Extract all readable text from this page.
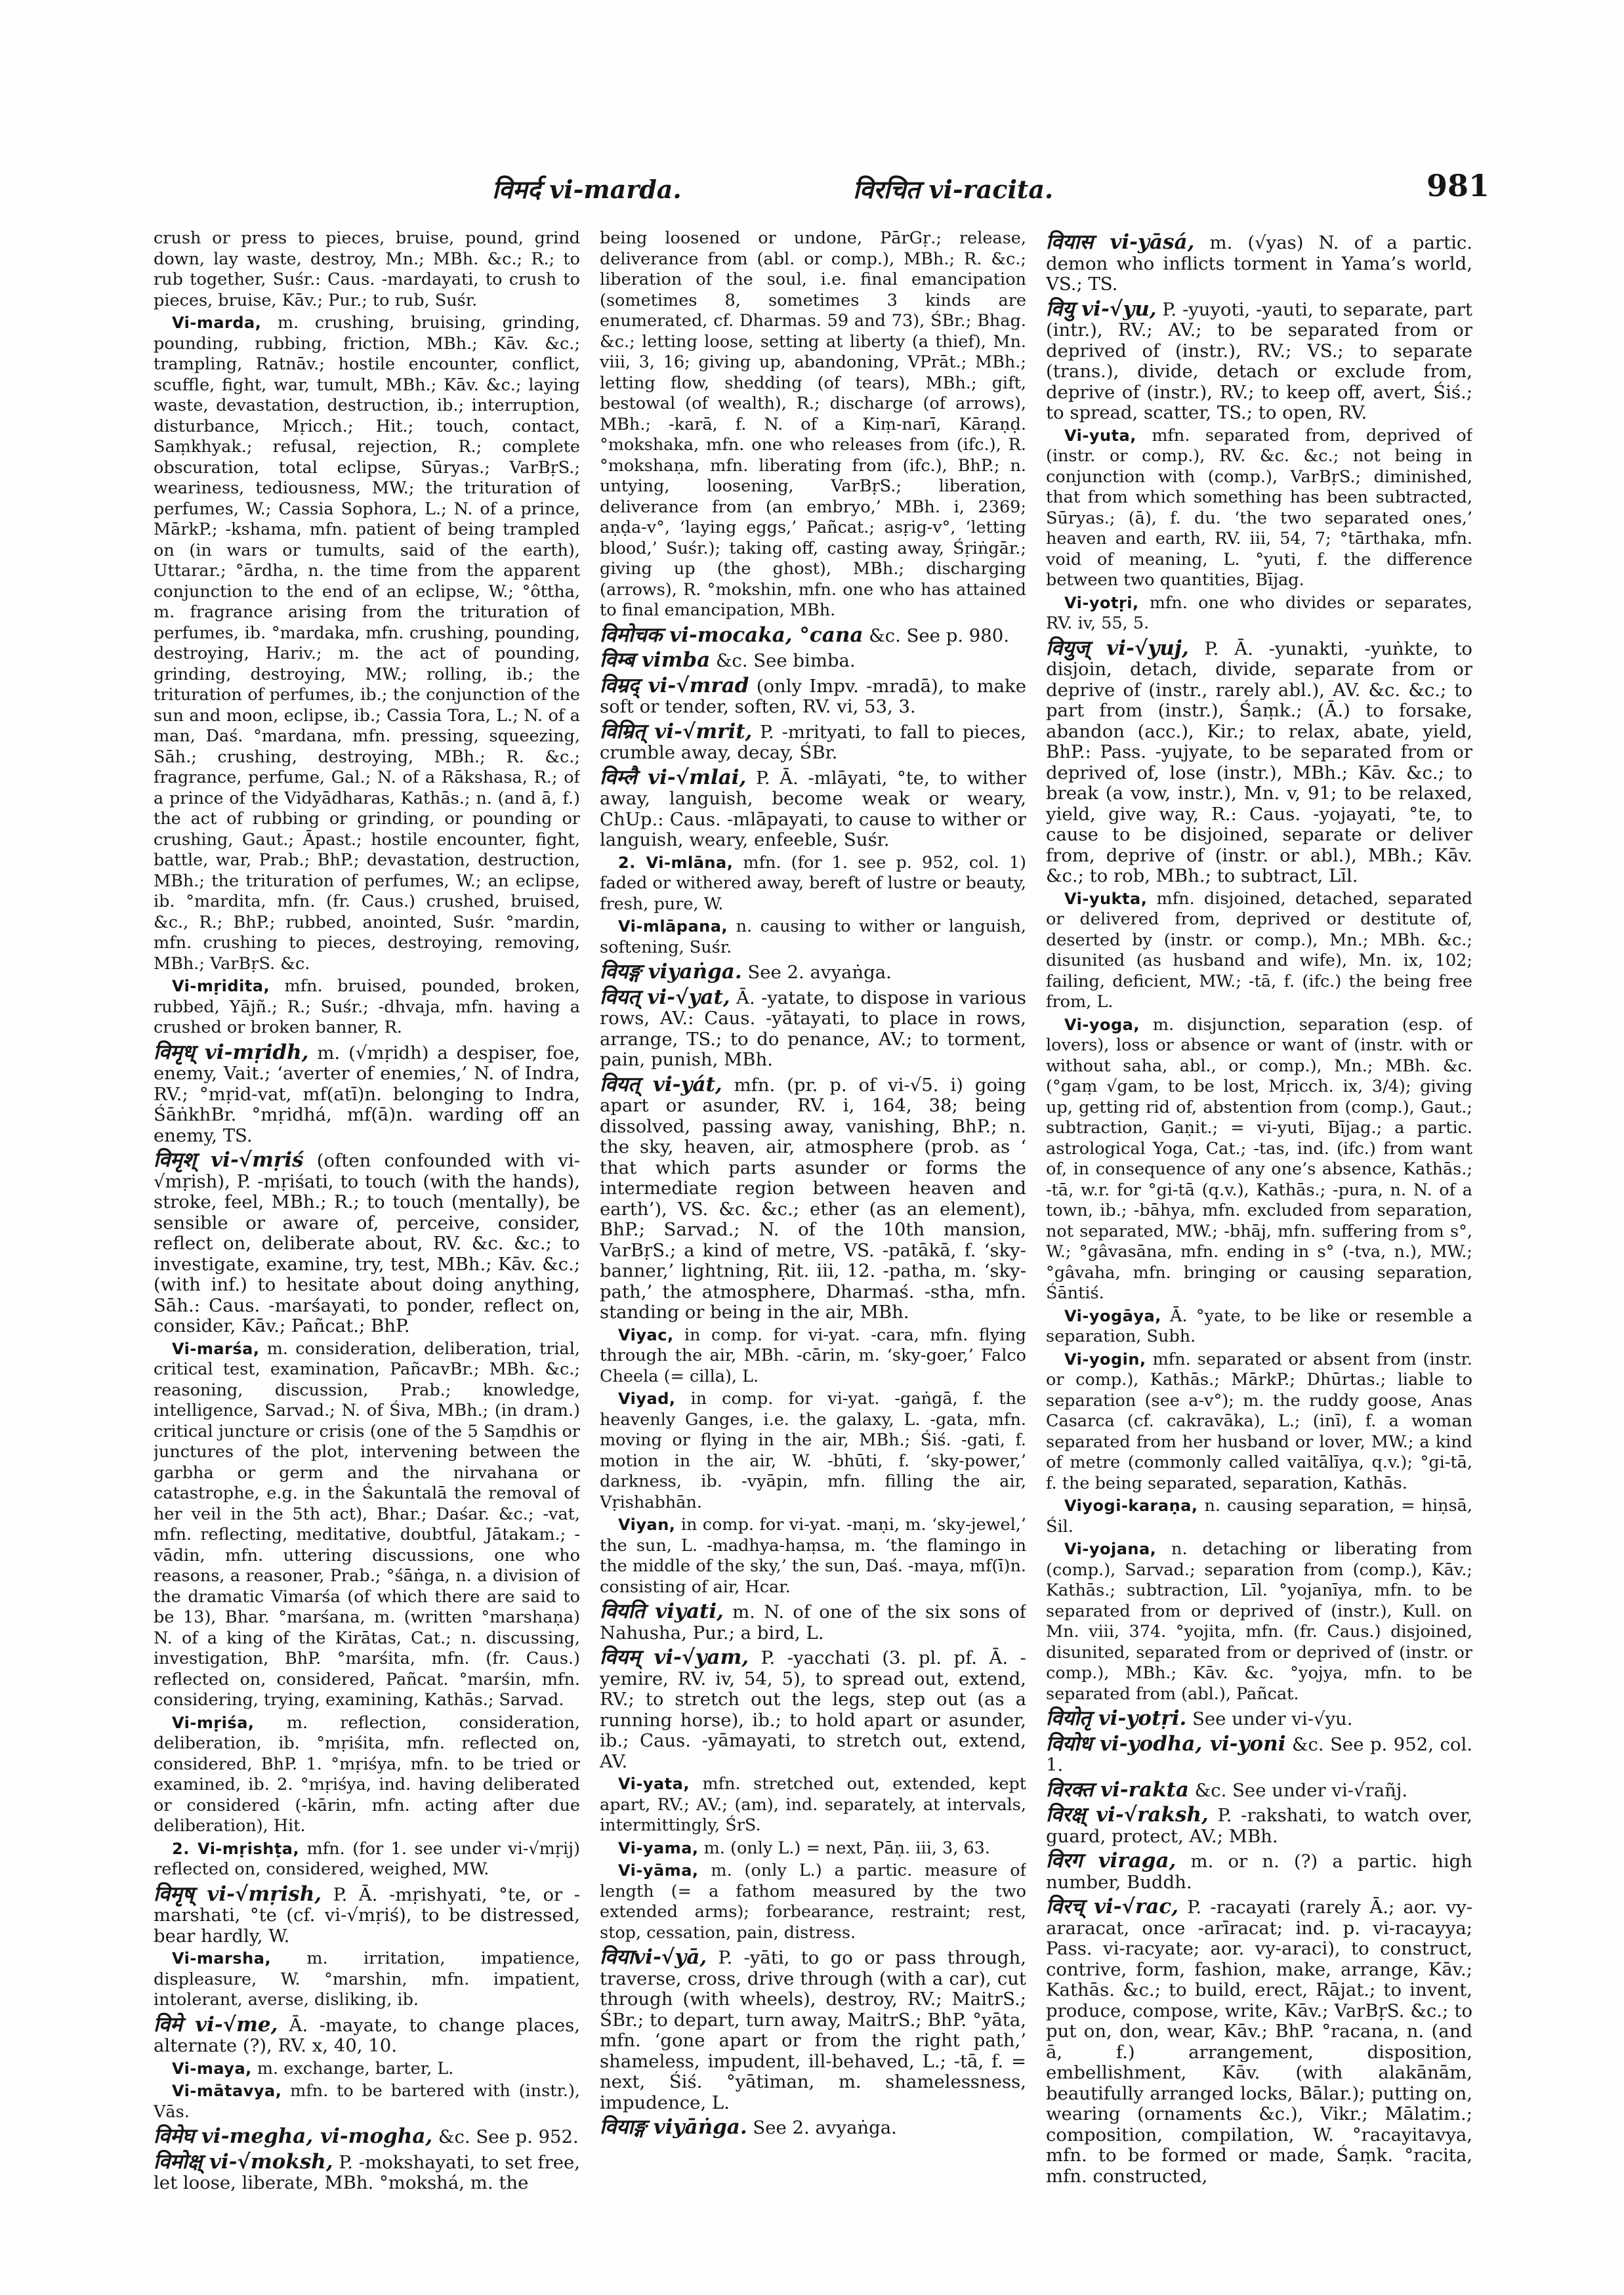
विमर्द vi-marda.	विरचित vi-racita.	981

crush or press to pieces, bruise, pound, grind down, lay waste, destroy, Mn.; MBh. &c.; R.; to rub together, Suśr.: Caus. -mardayati, to crush to pieces, bruise, Kāv.; Pur.; to rub, Suśr.

Vi-marda, m. crushing, bruising, grinding, pounding, rubbing, friction, MBh.; Kāv. &c.; trampling, Ratnāv.; hostile encounter, conflict, scuffle, fight, war, tumult, MBh.; Kāv. &c.; laying waste, devastation, destruction, ib.; interruption, disturbance, Mṛicch.; Hit.; touch, contact, Saṃkhyak.; refusal, rejection, R.; complete obscuration, total eclipse, Sūryas.; VarBṛS.; weariness, tediousness, MW.; the trituration of perfumes, W.; Cassia Sophora, L.; N. of a prince, MārkP.; -kshama, mfn. patient of being trampled on (in wars or tumults, said of the earth), Uttarar.; °ārdha, n. the time from the apparent conjunction to the end of an eclipse, W.; °ôttha, m. fragrance arising from the trituration of perfumes, ib. °mardaka, mfn. crushing, pounding, destroying, Hariv.; m. the act of pounding, grinding, destroying, MW.; rolling, ib.; the trituration of perfumes, ib.; the conjunction of the sun and moon, eclipse, ib.; Cassia Tora, L.; N. of a man, Daś. °mardana, mfn. pressing, squeezing, Sāh.; crushing, destroying, MBh.; R. &c.; fragrance, perfume, Gal.; N. of a Rākshasa, R.; of a prince of the Vidyādharas, Kathās.; n. (and ā, f.) the act of rubbing or grinding, or pounding or crushing, Gaut.; Āpast.; hostile encounter, fight, battle, war, Prab.; BhP.; devastation, destruction, MBh.; the trituration of perfumes, W.; an eclipse, ib. °mardita, mfn. (fr. Caus.) crushed, bruised, &c., R.; BhP.; rubbed, anointed, Suśr. °mardin, mfn. crushing to pieces, destroying, removing, MBh.; VarBṛS. &c.

Vi-mṛidita, mfn. bruised, pounded, broken, rubbed, Yājñ.; R.; Suśr.; -dhvaja, mfn. having a crushed or broken banner, R.

विमृध् vi-mṛidh, m. (√mṛidh) a despiser, foe, enemy, Vait.; ‘averter of enemies,’ N. of Indra, RV.; °mṛid-vat, mf(atī)n. belonging to Indra, ŚāṅkhBr. °mṛidhá, mf(ā)n. warding off an enemy, TS.

विमृश् vi-√mṛiś (often confounded with vi-√mṛish), P. -mṛiśati, to touch (with the hands), stroke, feel, MBh.; R.; to touch (mentally), be sensible or aware of, perceive, consider, reflect on, deliberate about, RV. &c. &c.; to investigate, examine, try, test, MBh.; Kāv. &c.; (with inf.) to hesitate about doing anything, Sāh.: Caus. -marśayati, to ponder, reflect on, consider, Kāv.; Pañcat.; BhP.

Vi-marśa, m. consideration, deliberation, trial, critical test, examination, PañcavBr.; MBh. &c.; reasoning, discussion, Prab.; knowledge, intelligence, Sarvad.; N. of Śiva, MBh.; (in dram.) critical juncture or crisis (one of the 5 Saṃdhis or junctures of the plot, intervening between the garbha or germ and the nirvahana or catastrophe, e.g. in the Śakuntalā the removal of her veil in the 5th act), Bhar.; Daśar. &c.; -vat, mfn. reflecting, meditative, doubtful, Jātakam.; -vādin, mfn. uttering discussions, one who reasons, a reasoner, Prab.; °śāṅga, n. a division of the dramatic Vimarśa (of which there are said to be 13), Bhar. °marśana, m. (written °marshaṇa) N. of a king of the Kirātas, Cat.; n. discussing, investigation, BhP. °marśita, mfn. (fr. Caus.) reflected on, considered, Pañcat. °marśin, mfn. considering, trying, examining, Kathās.; Sarvad.

Vi-mṛiśa, m. reflection, consideration, deliberation, ib. °mṛiśita, mfn. reflected on, considered, BhP. 1. °mṛiśya, mfn. to be tried or examined, ib. 2. °mṛiśya, ind. having deliberated or considered (-kārin, mfn. acting after due deliberation), Hit.

2. Vi-mṛishṭa, mfn. (for 1. see under vi-√mṛij) reflected on, considered, weighed, MW.

विमृष् vi-√mṛish, P. Ā. -mṛishyati, °te, or -marshati, °te (cf. vi-√mṛiś), to be distressed, bear hardly, W.

Vi-marsha, m. irritation, impatience, displeasure, W. °marshin, mfn. impatient, intolerant, averse, disliking, ib.

विमे vi-√me, Ā. -mayate, to change places, alternate (?), RV. x, 40, 10.

Vi-maya, m. exchange, barter, L.

Vi-mātavya, mfn. to be bartered with (instr.), Vās.

विमेघ vi-megha, vi-mogha, &c. See p. 952.

विमोक्ष् vi-√moksh, P. -mokshayati, to set free, let loose, liberate, MBh. °mokshá, m. the

being loosened or undone, PārGṛ.; release, deliverance from (abl. or comp.), MBh.; R. &c.; liberation of the soul, i.e. final emancipation (sometimes 8, sometimes 3 kinds are enumerated, cf. Dharmas. 59 and 73), ŚBr.; Bhag. &c.; letting loose, setting at liberty (a thief), Mn. viii, 3, 16; giving up, abandoning, VPrāt.; MBh.; letting flow, shedding (of tears), MBh.; gift, bestowal (of wealth), R.; discharge (of arrows), MBh.; -karā, f. N. of a Kiṃ-narī, Kāraṇḍ. °mokshaka, mfn. one who releases from (ifc.), R. °mokshaṇa, mfn. liberating from (ifc.), BhP.; n. untying, loosening, VarBṛS.; liberation, deliverance from (an embryo,’ MBh. i, 2369; aṇḍa-v°, ‘laying eggs,’ Pañcat.; asṛig-v°, ‘letting blood,’ Suśr.); taking off, casting away, Śṛiṅgār.; giving up (the ghost), MBh.; discharging (arrows), R. °mokshin, mfn. one who has attained to final emancipation, MBh.

विमोचक vi-mocaka, °cana &c. See p. 980.

विम्ब vimba &c. See bimba.

विम्रद् vi-√mrad (only Impv. -mradā), to make soft or tender, soften, RV. vi, 53, 3.

विम्रित् vi-√mrit, P. -mrityati, to fall to pieces, crumble away, decay, ŚBr.

विम्लै vi-√mlai, P. Ā. -mlāyati, °te, to wither away, languish, become weak or weary, ChUp.: Caus. -mlāpayati, to cause to wither or languish, weary, enfeeble, Suśr.

2. Vi-mlāna, mfn. (for 1. see p. 952, col. 1) faded or withered away, bereft of lustre or beauty, fresh, pure, W.

Vi-mlāpana, n. causing to wither or languish, softening, Suśr.

वियङ्ग viyaṅga. See 2. avyaṅga.

वियत् vi-√yat, Ā. -yatate, to dispose in various rows, AV.: Caus. -yātayati, to place in rows, arrange, TS.; to do penance, AV.; to torment, pain, punish, MBh.

वियत् vi-yát, mfn. (pr. p. of vi-√5. i) going apart or asunder, RV. i, 164, 38; being dissolved, passing away, vanishing, BhP.; n. the sky, heaven, air, atmosphere (prob. as ‘ that which parts asunder or forms the intermediate region between heaven and earth’), VS. &c. &c.; ether (as an element), BhP.; Sarvad.; N. of the 10th mansion, VarBṛS.; a kind of metre, VS. -patākā, f. ‘sky-banner,’ lightning, Ṛit. iii, 12. -patha, m. ‘sky-path,’ the atmosphere, Dharmaś. -stha, mfn. standing or being in the air, MBh.

Viyac, in comp. for vi-yat. -cara, mfn. flying through the air, MBh. -cārin, m. ‘sky-goer,’ Falco Cheela (= cilla), L.

Viyad, in comp. for vi-yat. -gaṅgā, f. the heavenly Ganges, i.e. the galaxy, L. -gata, mfn. moving or flying in the air, MBh.; Śiś. -gati, f. motion in the air, W. -bhūti, f. ‘sky-power,’ darkness, ib. -vyāpin, mfn. filling the air, Vṛishabhān.

Viyan, in comp. for vi-yat. -maṇi, m. ‘sky-jewel,’ the sun, L. -madhya-haṃsa, m. ‘the flamingo in the middle of the sky,’ the sun, Daś. -maya, mf(ī)n. consisting of air, Hcar.

वियति viyati, m. N. of one of the six sons of Nahusha, Pur.; a bird, L.

वियम् vi-√yam, P. -yacchati (3. pl. pf. Ā. -yemire, RV. iv, 54, 5), to spread out, extend, RV.; to stretch out the legs, step out (as a running horse), ib.; to hold apart or asunder, ib.; Caus. -yāmayati, to stretch out, extend, AV.

Vi-yata, mfn. stretched out, extended, kept apart, RV.; AV.; (am), ind. separately, at intervals, intermittingly, ŚrS.

Vi-yama, m. (only L.) = next, Pāṇ. iii, 3, 63.

Vi-yāma, m. (only L.) a partic. measure of length (= a fathom measured by the two extended arms); forbearance, restraint; rest, stop, cessation, pain, distress.

वियाvi-√yā, P. -yāti, to go or pass through, traverse, cross, drive through (with a car), cut through (with wheels), destroy, RV.; MaitrS.; ŚBr.; to depart, turn away, MaitrS.; BhP. °yāta, mfn. ‘gone apart or from the right path,’ shameless, impudent, ill-behaved, L.; -tā, f. = next, Śiś. °yātiman, m. shamelessness, impudence, L.

वियाङ्ग viyāṅga. See 2. avyaṅga.

वियास vi-yāsá, m. (√yas) N. of a partic. demon who inflicts torment in Yama’s world, VS.; TS.

वियु vi-√yu, P. -yuyoti, -yauti, to separate, part (intr.), RV.; AV.; to be separated from or deprived of (instr.), RV.; VS.; to separate (trans.), divide, detach or exclude from, deprive of (instr.), RV.; to keep off, avert, Śiś.; to spread, scatter, TS.; to open, RV.

Vi-yuta, mfn. separated from, deprived of (instr. or comp.), RV. &c. &c.; not being in conjunction with (comp.), VarBṛS.; diminished, that from which something has been subtracted, Sūryas.; (ā), f. du. ‘the two separated ones,’ heaven and earth, RV. iii, 54, 7; °tārthaka, mfn. void of meaning, L. °yuti, f. the difference between two quantities, Bījag.

Vi-yotṛi, mfn. one who divides or separates, RV. iv, 55, 5.

वियुज् vi-√yuj, P. Ā. -yunakti, -yuṅkte, to disjoin, detach, divide, separate from or deprive of (instr., rarely abl.), AV. &c. &c.; to part from (instr.), Śaṃk.; (Ā.) to forsake, abandon (acc.), Kir.; to relax, abate, yield, BhP.: Pass. -yujyate, to be separated from or deprived of, lose (instr.), MBh.; Kāv. &c.; to break (a vow, instr.), Mn. v, 91; to be relaxed, yield, give way, R.: Caus. -yojayati, °te, to cause to be disjoined, separate or deliver from, deprive of (instr. or abl.), MBh.; Kāv. &c.; to rob, MBh.; to subtract, Līl.

Vi-yukta, mfn. disjoined, detached, separated or delivered from, deprived or destitute of, deserted by (instr. or comp.), Mn.; MBh. &c.; disunited (as husband and wife), Mn. ix, 102; failing, deficient, MW.; -tā, f. (ifc.) the being free from, L.

Vi-yoga, m. disjunction, separation (esp. of lovers), loss or absence or want of (instr. with or without saha, abl., or comp.), Mn.; MBh. &c. (°gaṃ √gam, to be lost, Mṛicch. ix, 3/4); giving up, getting rid of, abstention from (comp.), Gaut.; subtraction, Gaṇit.; = vi-yuti, Bījag.; a partic. astrological Yoga, Cat.; -tas, ind. (ifc.) from want of, in consequence of any one’s absence, Kathās.; -tā, w.r. for °gi-tā (q.v.), Kathās.; -pura, n. N. of a town, ib.; -bāhya, mfn. excluded from separation, not separated, MW.; -bhāj, mfn. suffering from s°, W.; °gâvasāna, mfn. ending in s° (-tva, n.), MW.; °gâvaha, mfn. bringing or causing separation, Śāntiś.

Vi-yogāya, Ā. °yate, to be like or resemble a separation, Subh.

Vi-yogin, mfn. separated or absent from (instr. or comp.), Kathās.; MārkP.; Dhūrtas.; liable to separation (see a-v°); m. the ruddy goose, Anas Casarca (cf. cakravāka), L.; (inī), f. a woman separated from her husband or lover, MW.; a kind of metre (commonly called vaitālīya, q.v.); °gi-tā, f. the being separated, separation, Kathās.

Viyogi-karaṇa, n. causing separation, = hiṇsā, Śil.

Vi-yojana, n. detaching or liberating from (comp.), Sarvad.; separation from (comp.), Kāv.; Kathās.; subtraction, Līl. °yojanīya, mfn. to be separated from or deprived of (instr.), Kull. on Mn. viii, 374. °yojita, mfn. (fr. Caus.) disjoined, disunited, separated from or deprived of (instr. or comp.), MBh.; Kāv. &c. °yojya, mfn. to be separated from (abl.), Pañcat.

वियोतृ vi-yotṛi. See under vi-√yu.

वियोध vi-yodha, vi-yoni &c. See p. 952, col. 1.

विरक्त vi-rakta &c. See under vi-√rañj.

विरक्ष् vi-√raksh, P. -rakshati, to watch over, guard, protect, AV.; MBh.

विरग viraga, m. or n. (?) a partic. high number, Buddh.

विरच् vi-√rac, P. -racayati (rarely Ā.; aor. vy-araracat, once -arīracat; ind. p. vi-racayya; Pass. vi-racyate; aor. vy-araci), to construct, contrive, form, fashion, make, arrange, Kāv.; Kathās. &c.; to build, erect, Rājat.; to invent, produce, compose, write, Kāv.; VarBṛS. &c.; to put on, don, wear, Kāv.; BhP. °racana, n. (and ā, f.) arrangement, disposition, embellishment, Kāv. (with alakānām, beautifully arranged locks, Bālar.); putting on, wearing (ornaments &c.), Vikr.; Mālatim.; composition, compilation, W. °racayitavya, mfn. to be formed or made, Śaṃk. °racita, mfn. constructed,
